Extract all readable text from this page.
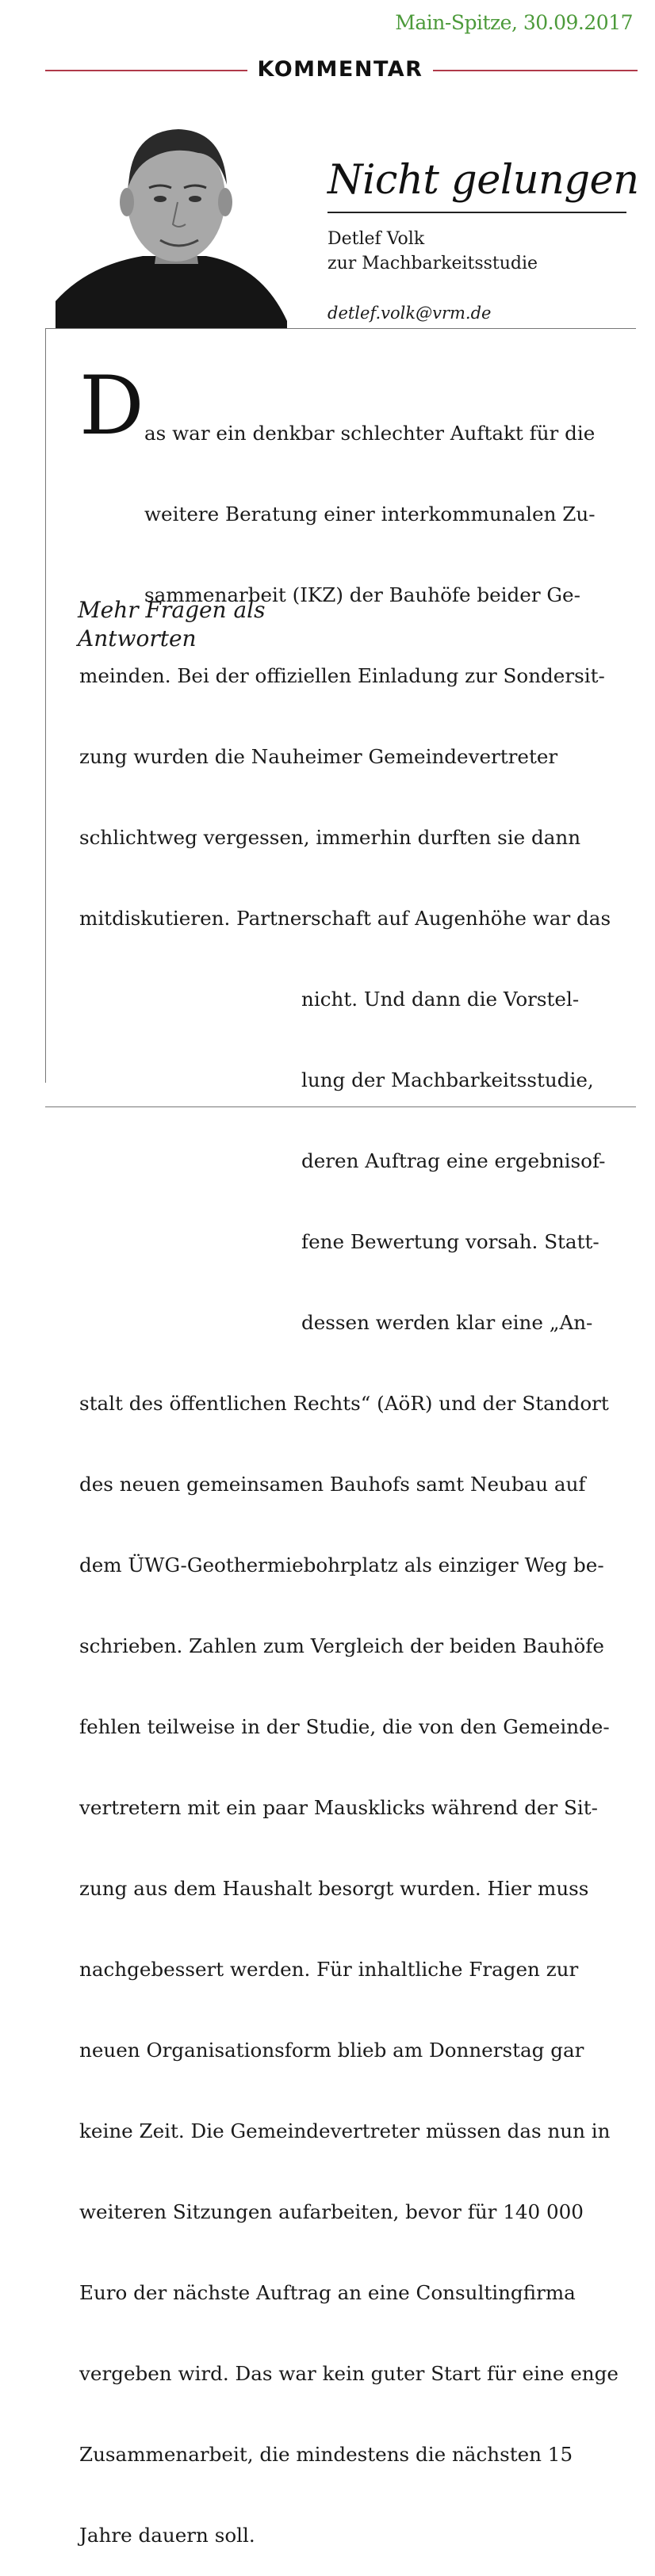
Main-Spitze, 30.09.2017
KOMMENTAR
Nicht gelungen
Detlef Volk
zur Machbarkeitsstudie
detlef.volk@vrm.de
D
Mehr Fragen als
Antworten

as war ein denkbar schlechter Auftakt für die

weitere Beratung einer interkommunalen Zu-

sammenarbeit (IKZ) der Bauhöfe beider Ge-

meinden. Bei der offiziellen Einladung zur Sondersit-

zung wurden die Nauheimer Gemeindevertreter

schlichtweg vergessen, immerhin durften sie dann

mitdiskutieren. Partnerschaft auf Augenhöhe war das

nicht. Und dann die Vorstel-

lung der Machbarkeitsstudie,

deren Auftrag eine ergebnisof-

fene Bewertung vorsah. Statt-

dessen werden klar eine „An-

stalt des öffentlichen Rechts“ (AöR) und der Standort

des neuen gemeinsamen Bauhofs samt Neubau auf

dem ÜWG-Geothermiebohrplatz als einziger Weg be-

schrieben. Zahlen zum Vergleich der beiden Bauhöfe

fehlen teilweise in der Studie, die von den Gemeinde-

vertretern mit ein paar Mausklicks während der Sit-

zung aus dem Haushalt besorgt wurden. Hier muss

nachgebessert werden. Für inhaltliche Fragen zur

neuen Organisationsform blieb am Donnerstag gar

keine Zeit. Die Gemeindevertreter müssen das nun in

weiteren Sitzungen aufarbeiten, bevor für 140 000

Euro der nächste Auftrag an eine Consultingfirma

vergeben wird. Das war kein guter Start für eine enge

Zusammenarbeit, die mindestens die nächsten 15

Jahre dauern soll.
